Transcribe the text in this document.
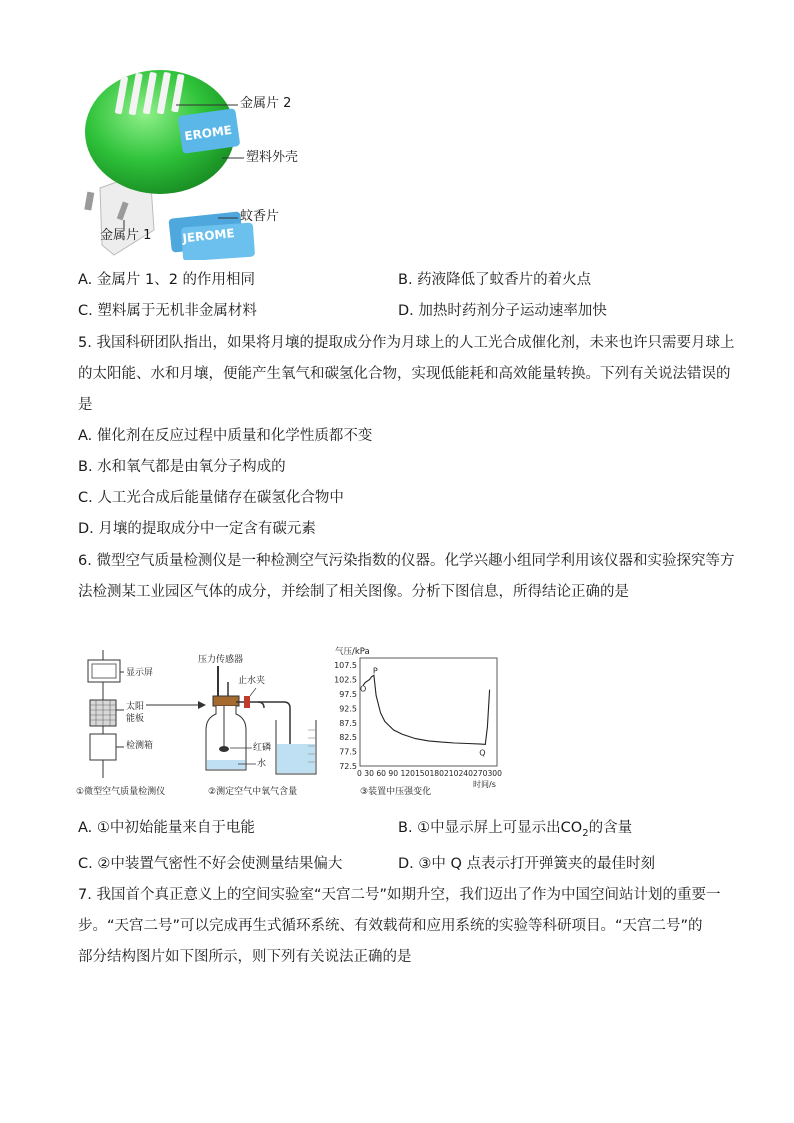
EROME
JEROME
金属片 2
塑料外壳
蚊香片
金属片 1
A. 金属片 1、2 的作用相同	B. 药液降低了蚊香片的着火点
C. 塑料属于无机非金属材料	D. 加热时药剂分子运动速率加快
5. 我国科研团队指出，如果将月壤的提取成分作为月球上的人工光合成催化剂，未来也许只需要月球上
的太阳能、水和月壤，便能产生氧气和碳氢化合物，实现低能耗和高效能量转换。下列有关说法错误的
是
A. 催化剂在反应过程中质量和化学性质都不变
B. 水和氧气都是由氧分子构成的
C. 人工光合成后能量储存在碳氢化合物中
D. 月壤的提取成分中一定含有碳元素
6. 微型空气质量检测仪是一种检测空气污染指数的仪器。化学兴趣小组同学利用该仪器和实验探究等方
法检测某工业园区气体的成分，并绘制了相关图像。分析下图信息，所得结论正确的是
显示屏
太阳
能板
检测箱
①微型空气质量检测仪
压力传感器
止水夹
红磷
水
②测定空气中氧气含量
气压/kPa
72.5
77.5
82.5
87.5
92.5
97.5
102.5
107.5
0 30 60 90 120150180210240270300
时间/s
O
P
Q
③装置中压强变化
A. ①中初始能量来自于电能	B. ①中显示屏上可显示出$CO_2$的含量
C. ②中装置气密性不好会使测量结果偏大	D. ③中 Q 点表示打开弹簧夹的最佳时刻
7. 我国首个真正意义上的空间实验室“天宫二号”如期升空，我们迈出了作为中国空间站计划的重要一
步。“天宫二号”可以完成再生式循环系统、有效载荷和应用系统的实验等科研项目。“天宫二号”的
部分结构图片如下图所示，则下列有关说法正确的是
